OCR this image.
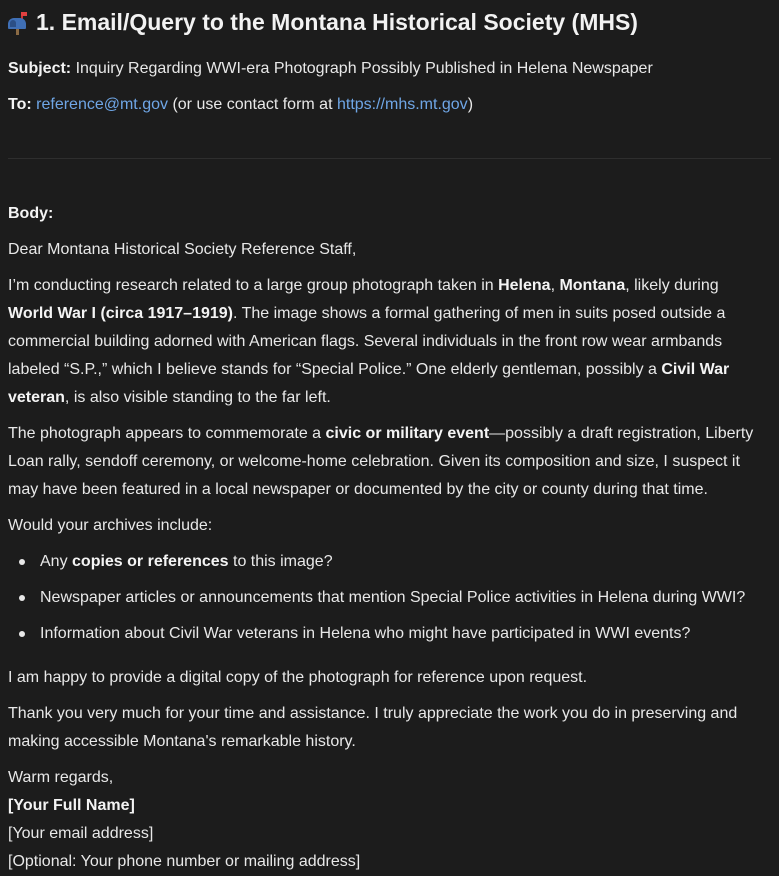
1.
Email/Query to the Montana Historical Society (MHS)

Subject: Inquiry Regarding WWI-era Photograph Possibly Published in Helena Newspaper

To: reference@mt.gov (or use contact form at https://mhs.mt.gov)

Body:

Dear Montana Historical Society Reference Staff,

I’m conducting research related to a large group photograph taken in Helena, Montana, likely during
World War I (circa 1917–1919). The image shows a formal gathering of men in suits posed outside a
commercial building adorned with American flags. Several individuals in the front row wear armbands
labeled “S.P.,” which I believe stands for “Special Police.” One elderly gentleman, possibly a Civil War
veteran, is also visible standing to the far left.
The photograph appears to commemorate a civic or military event—possibly a draft registration, Liberty
Loan rally, sendoff ceremony, or welcome-home celebration. Given its composition and size, I suspect it
may have been featured in a local newspaper or documented by the city or county during that time.

Would your archives include:

Any copies or references to this image?
Newspaper articles or announcements that mention Special Police activities in Helena during WWI?
Information about Civil War veterans in Helena who might have participated in WWI events?

I am happy to provide a digital copy of the photograph for reference upon request.

Thank you very much for your time and assistance. I truly appreciate the work you do in preserving and
making accessible Montana's remarkable history.
Warm regards,
[Your Full Name]
[Your email address]
[Optional: Your phone number or mailing address]
